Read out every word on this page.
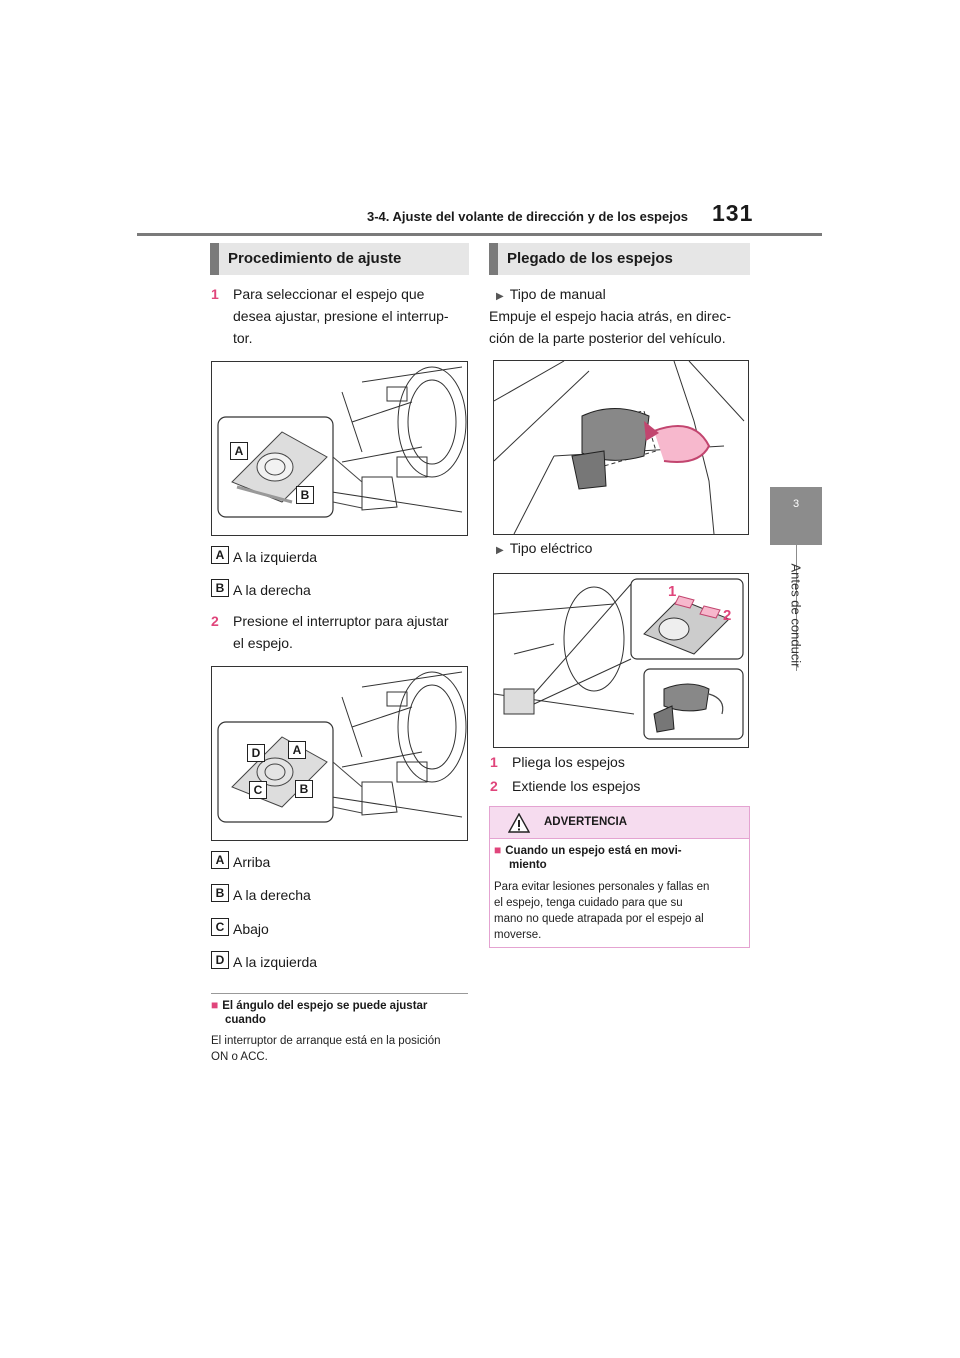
3-4. Ajuste del volante de dirección y de los espejos 131
3
Antes de conducir
Procedimiento de ajuste
1 Para seleccionar el espejo que
desea ajustar, presione el interrup-
tor.
A
B
A A la izquierda
B A la derecha
2 Presione el interruptor para ajustar
el espejo.
D	A
C	B
A Arriba
B A la derecha
C Abajo
D A la izquierda
■ El ángulo del espejo se puede ajustar
cuando
El interruptor de arranque está en la posición
ON o ACC.
Plegado de los espejos
▶ Tipo de manual
Empuje el espejo hacia atrás, en direc-
ción de la parte posterior del vehículo.
▶ Tipo eléctrico
1
2
1 Pliega los espejos
2 Extiende los espejos
ADVERTENCIA
■ Cuando un espejo está en movi-
miento
Para evitar lesiones personales y fallas en
el espejo, tenga cuidado para que su
mano no quede atrapada por el espejo al
moverse.
